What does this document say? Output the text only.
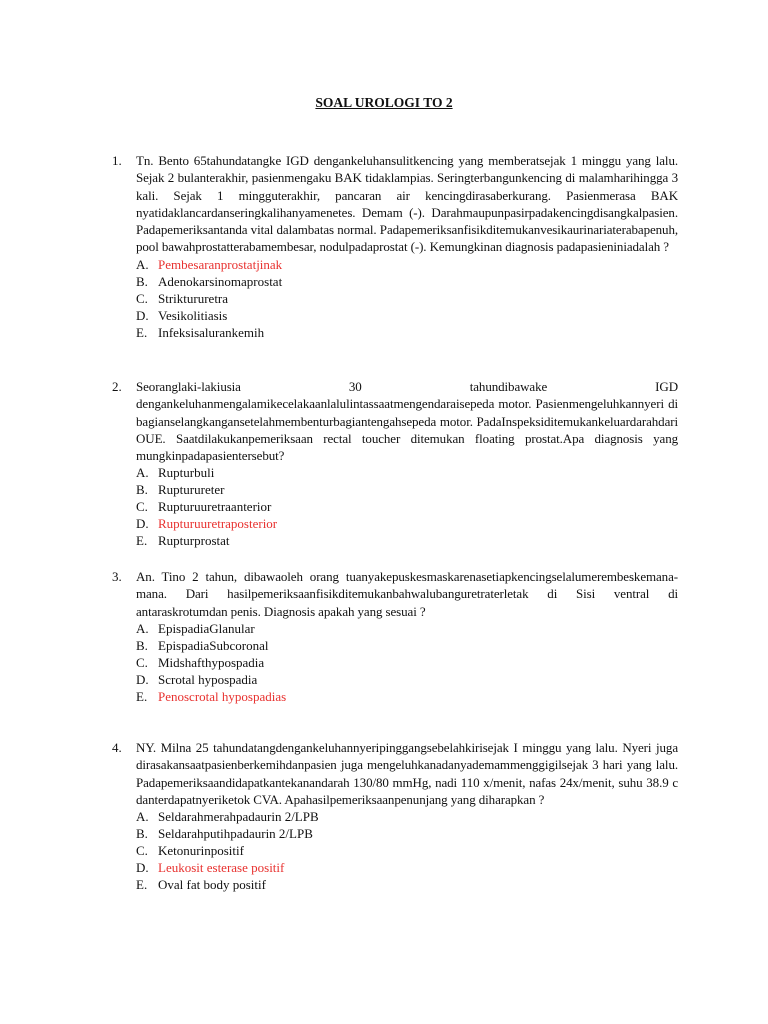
SOAL UROLOGI TO 2
1. Tn. Bento 65tahundatangke IGD dengankeluhansulitkencing yang memberatsejak 1 minggu yang lalu. Sejak 2 bulanterakhir, pasienmengaku BAK tidaklampias. Seringterbangunkencing di malamharihingga 3 kali. Sejak 1 mingguterakhir, pancaran air kencingdirasaberkurang. Pasienmerasa BAK nyatidaklancardanseringkalihanyamenetes. Demam (-). Darahmaupunpasirpadakencingdisangkalpasien. Padapemeriksantanda vital dalambatas normal. Padapemeriksanfisikditemukanvesikaurinariaterabapenuh, pool bawahprostatterabamembesar, nodulpadaprostat (-). Kemungkinan diagnosis padapasieniniadalah ?
A. Pembesaranprostatjinak
B. Adenokarsinomaprostat
C. Striktururetra
D. Vesikolitiasis
E. Infeksisalurankemih
2. Seoranglaki-lakiusia 30 tahundibawake IGD dengankeluhanmengalamikecelakaanlalulintassaatmengendaraisepeda motor. Pasienmengeluhkannyeri di bagianselangkangansetelahmembenturbagiantengahsepeda motor. PadaInspeksiditemukankeluardarahdari OUE. Saatdilakukanpemeriksaan rectal toucher ditemukan floating prostat.Apa diagnosis yang mungkinpadapasientersebut?
A. Rupturbuli
B. Rupturureter
C. Rupturuuretraanterior
D. Rupturuuretraposterior
E. Rupturprostat
3. An. Tino 2 tahun, dibawaoleh orang tuanyakepuskesmaskarenasetiapkencingselalumerembeskemana-mana. Dari hasilpemeriksaanfisikditemukanbahwalubanguretraterletak di Sisi ventral di antaraskrotumdan penis. Diagnosis apakah yang sesuai ?
A. EpispadiaGlanular
B. EpispadiaSubcoronal
C. Midshafthypospadia
D. Scrotal hypospadia
E. Penoscrotal hypospadias
4. NY. Milna 25 tahundatangdengankeluhannyeripinggangsebelahkirisejak I minggu yang lalu. Nyeri juga dirasakansaatpasienberkemihdanpasien juga mengeluhkanadanyademammenggigilsejak 3 hari yang lalu. Padapemeriksaandidapatkantekanandarah 130/80 mmHg, nadi 110 x/menit, nafas 24x/menit, suhu 38.9 c danterdapatnyeriketok CVA. Apahasilpemeriksaanpenunjang yang diharapkan ?
A. Seldarahmerahpadaurin 2/LPB
B. Seldarahputihpadaurin 2/LPB
C. Ketonurinpositif
D. Leukosit esterase positif
E. Oval fat body positif
